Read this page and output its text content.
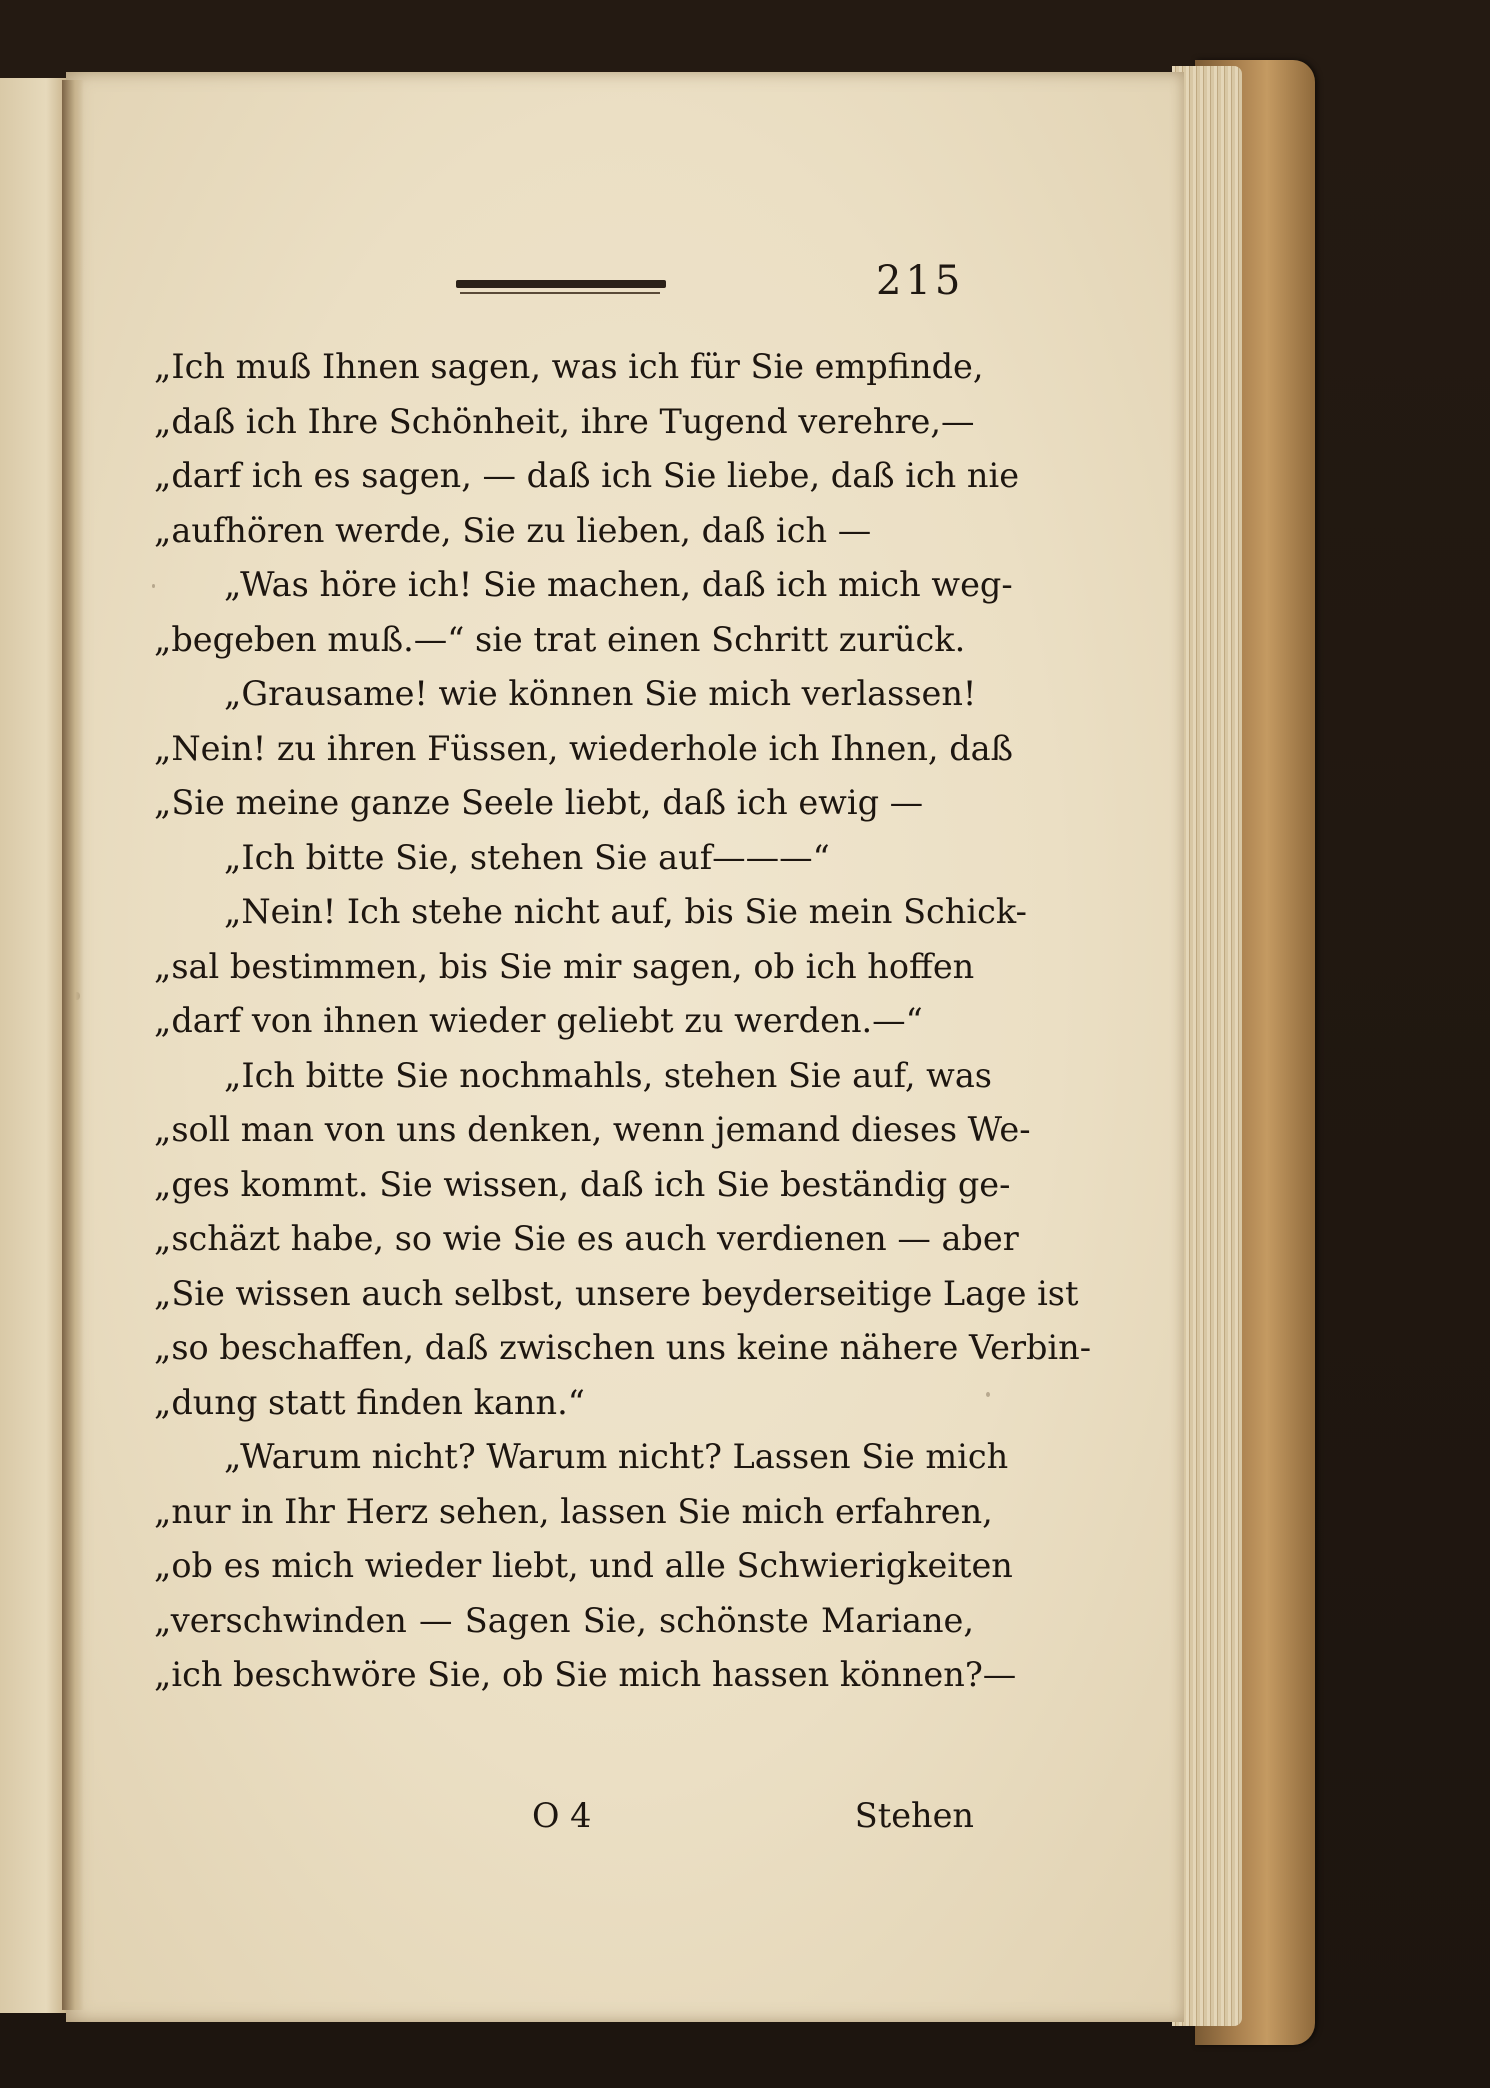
215
„Ich muß Ihnen sagen, was ich für Sie empfinde,
„daß ich Ihre Schönheit, ihre Tugend verehre,—
„darf ich es sagen, — daß ich Sie liebe, daß ich nie
„aufhören werde, Sie zu lieben, daß ich —
„Was höre ich! Sie machen, daß ich mich weg-
„begeben muß.—“ sie trat einen Schritt zurück.
„Grausame! wie können Sie mich verlassen!
„Nein! zu ihren Füssen, wiederhole ich Ihnen, daß
„Sie meine ganze Seele liebt, daß ich ewig —
„Ich bitte Sie, stehen Sie auf———“
„Nein! Ich stehe nicht auf, bis Sie mein Schick-
„sal bestimmen, bis Sie mir sagen, ob ich hoffen
„darf von ihnen wieder geliebt zu werden.—“
„Ich bitte Sie nochmahls, stehen Sie auf, was
„soll man von uns denken, wenn jemand dieses We-
„ges kommt. Sie wissen, daß ich Sie beständig ge-
„schäzt habe, so wie Sie es auch verdienen — aber
„Sie wissen auch selbst, unsere beyderseitige Lage ist
„so beschaffen, daß zwischen uns keine nähere Verbin-
„dung statt finden kann.“
„Warum nicht? Warum nicht? Lassen Sie mich
„nur in Ihr Herz sehen, lassen Sie mich erfahren,
„ob es mich wieder liebt, und alle Schwierigkeiten
„verschwinden — Sagen Sie, schönste Mariane,
„ich beschwöre Sie, ob Sie mich hassen können?—
O 4	Stehen
